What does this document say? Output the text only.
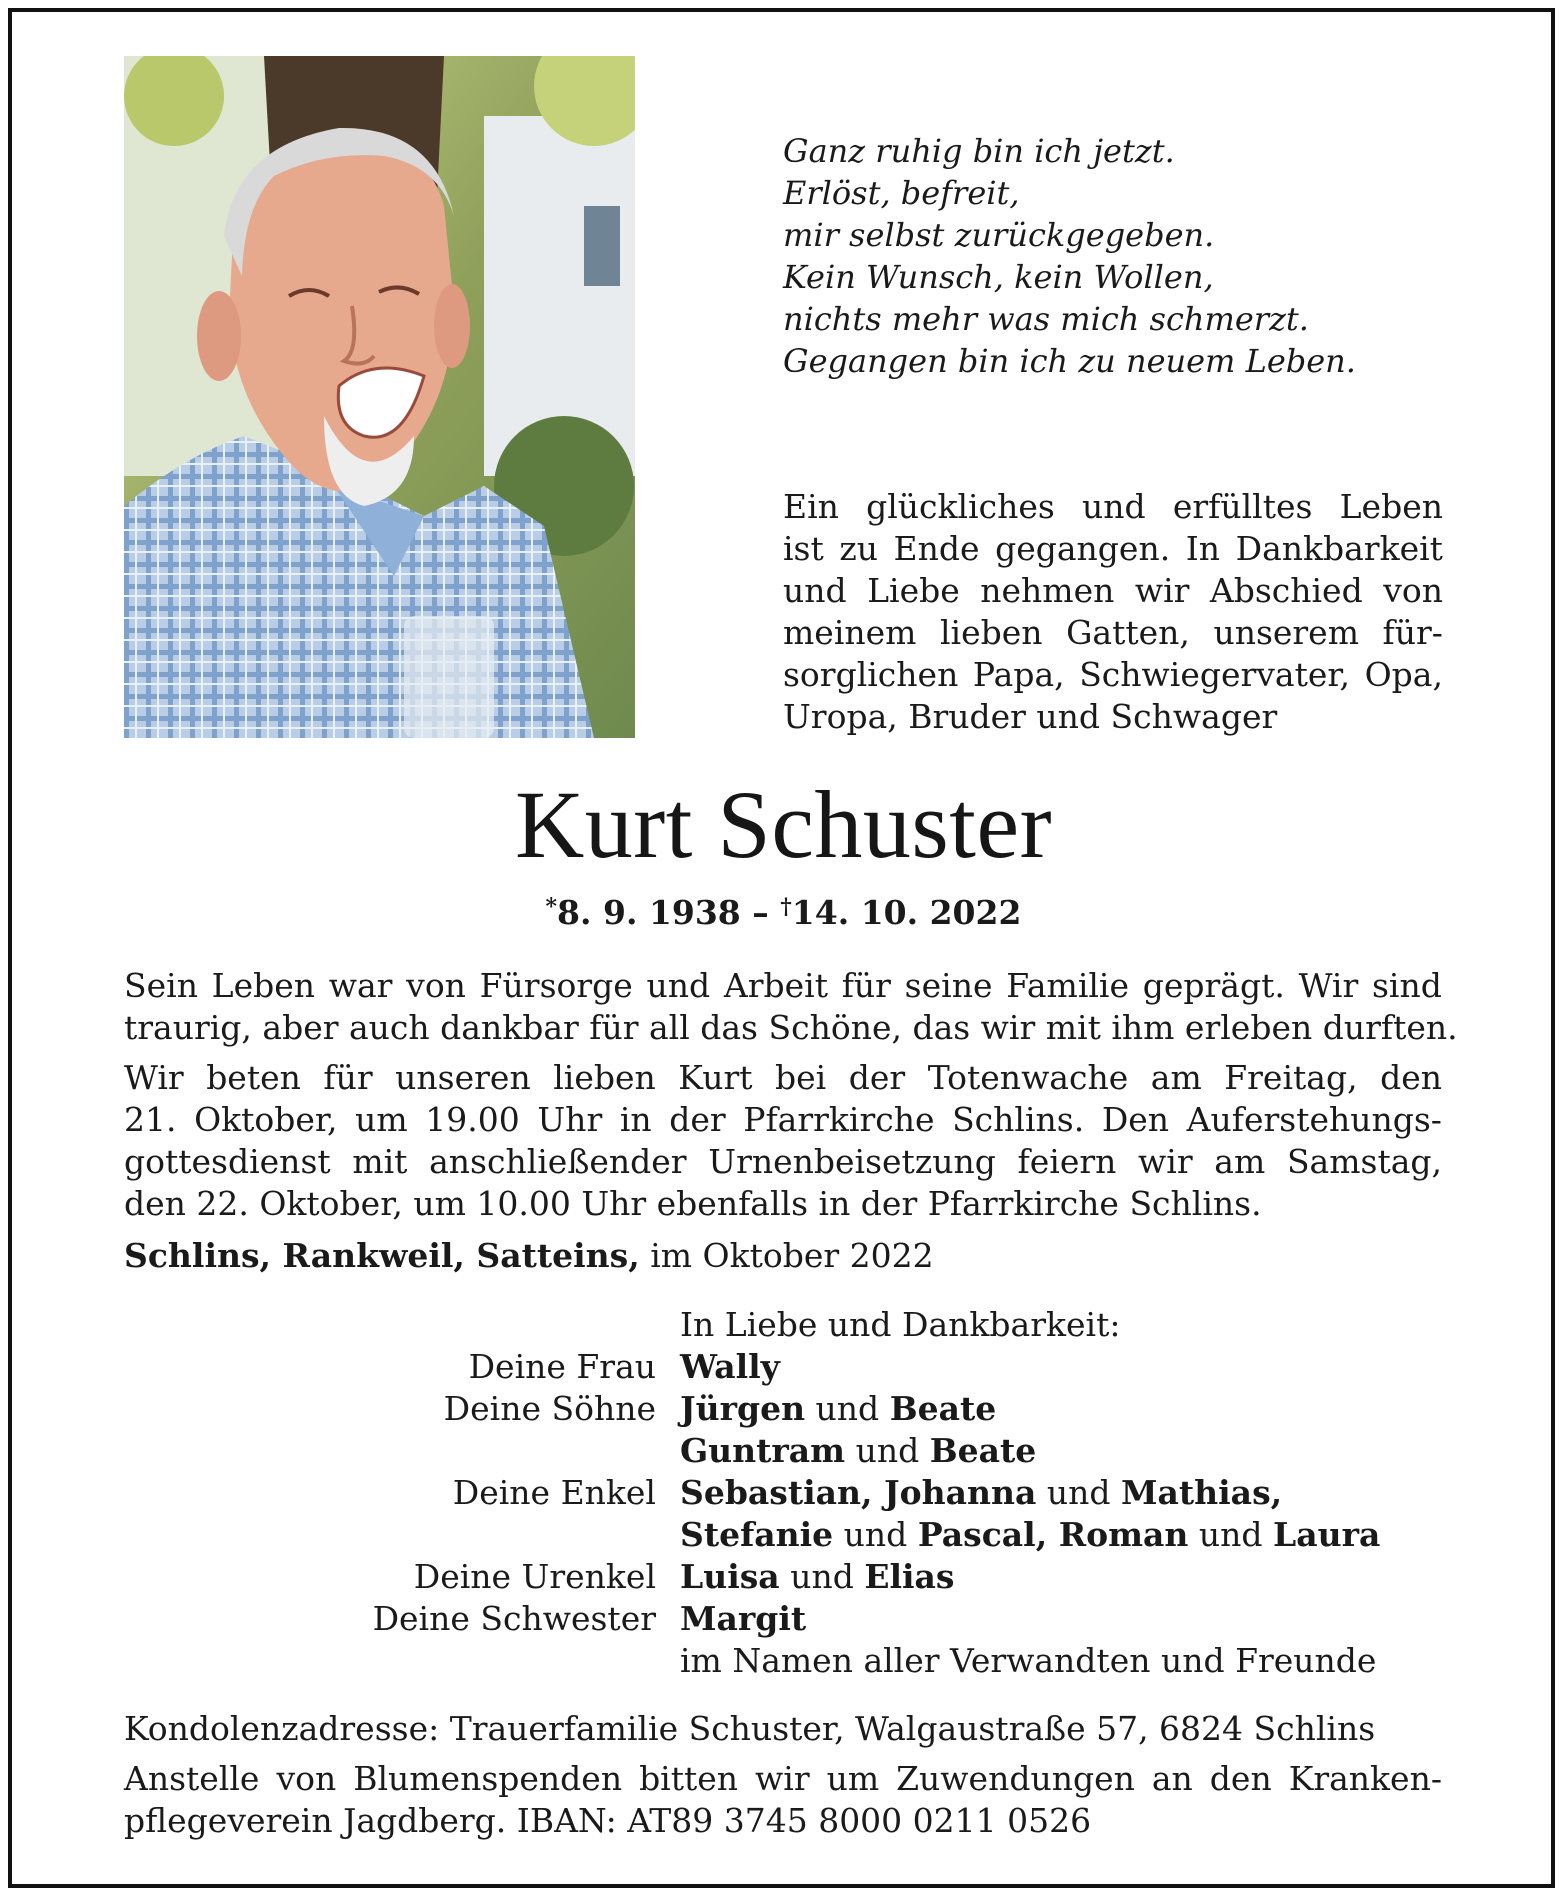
Ganz ruhig bin ich jetzt.
Erlöst, befreit,
mir selbst zurückgegeben.
Kein Wunsch, kein Wollen,
nichts mehr was mich schmerzt.
Gegangen bin ich zu neuem Leben.
Ein glückliches und erfülltes Leben
ist zu Ende gegangen. In Dankbarkeit
und Liebe nehmen wir Abschied von
meinem lieben Gatten, unserem für-
sorglichen Papa, Schwiegervater, Opa,
Uropa, Bruder und Schwager
Kurt Schuster
*8. 9. 1938 – †14. 10. 2022
Sein Leben war von Fürsorge und Arbeit für seine Familie geprägt. Wir sind
traurig, aber auch dankbar für all das Schöne, das wir mit ihm erleben durften.
Wir beten für unseren lieben Kurt bei der Totenwache am Freitag, den
21. Oktober, um 19.00 Uhr in der Pfarrkirche Schlins. Den Auferstehungs-
gottesdienst mit anschließender Urnenbeisetzung feiern wir am Samstag,
den 22. Oktober, um 10.00 Uhr ebenfalls in der Pfarrkirche Schlins.
Schlins, Rankweil, Satteins, im Oktober 2022
In Liebe und Dankbarkeit:
Deine Frau Wally
Deine Söhne Jürgen und Beate
Guntram und Beate
Deine Enkel Sebastian, Johanna und Mathias,
Stefanie und Pascal, Roman und Laura
Deine Urenkel Luisa und Elias
Deine Schwester Margit
im Namen aller Verwandten und Freunde
Kondolenzadresse: Trauerfamilie Schuster, Walgaustraße 57, 6824 Schlins
Anstelle von Blumenspenden bitten wir um Zuwendungen an den Kranken-
pflegeverein Jagdberg. IBAN: AT89 3745 8000 0211 0526
